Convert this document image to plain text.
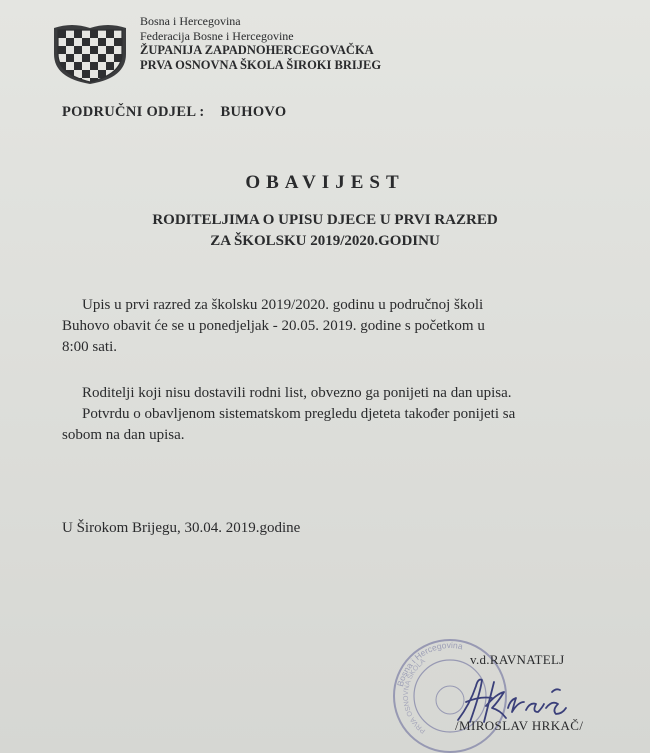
Bosna i Hercegovina
Federacija Bosne i Hercegovine
ŽUPANIJA ZAPADNOHERCEGOVAČKA
PRVA OSNOVNA ŠKOLA ŠIROKI BRIJEG
PODRUČNI ODJEL : BUHOVO
OBAVIJEST
RODITELJIMA O UPISU DJECE U PRVI RAZRED
ZA ŠKOLSKU 2019/2020.GODINU
Upis u prvi razred za školsku 2019/2020. godinu u područnoj školi
Buhovo obavit će se u ponedjeljak - 20.05. 2019. godine s početkom u
8:00 sati.
Roditelji koji nisu dostavili rodni list, obvezno ga ponijeti na dan upisa.
Potvrdu o obavljenom sistematskom pregledu djeteta također ponijeti sa
sobom na dan upisa.
U Širokom Brijegu, 30.04. 2019.godine
Bosna i Hercegovina
PRVA OSNOVNA ŠKOLA	v.d.RAVNATELJ
/MIROSLAV HRKAČ/
